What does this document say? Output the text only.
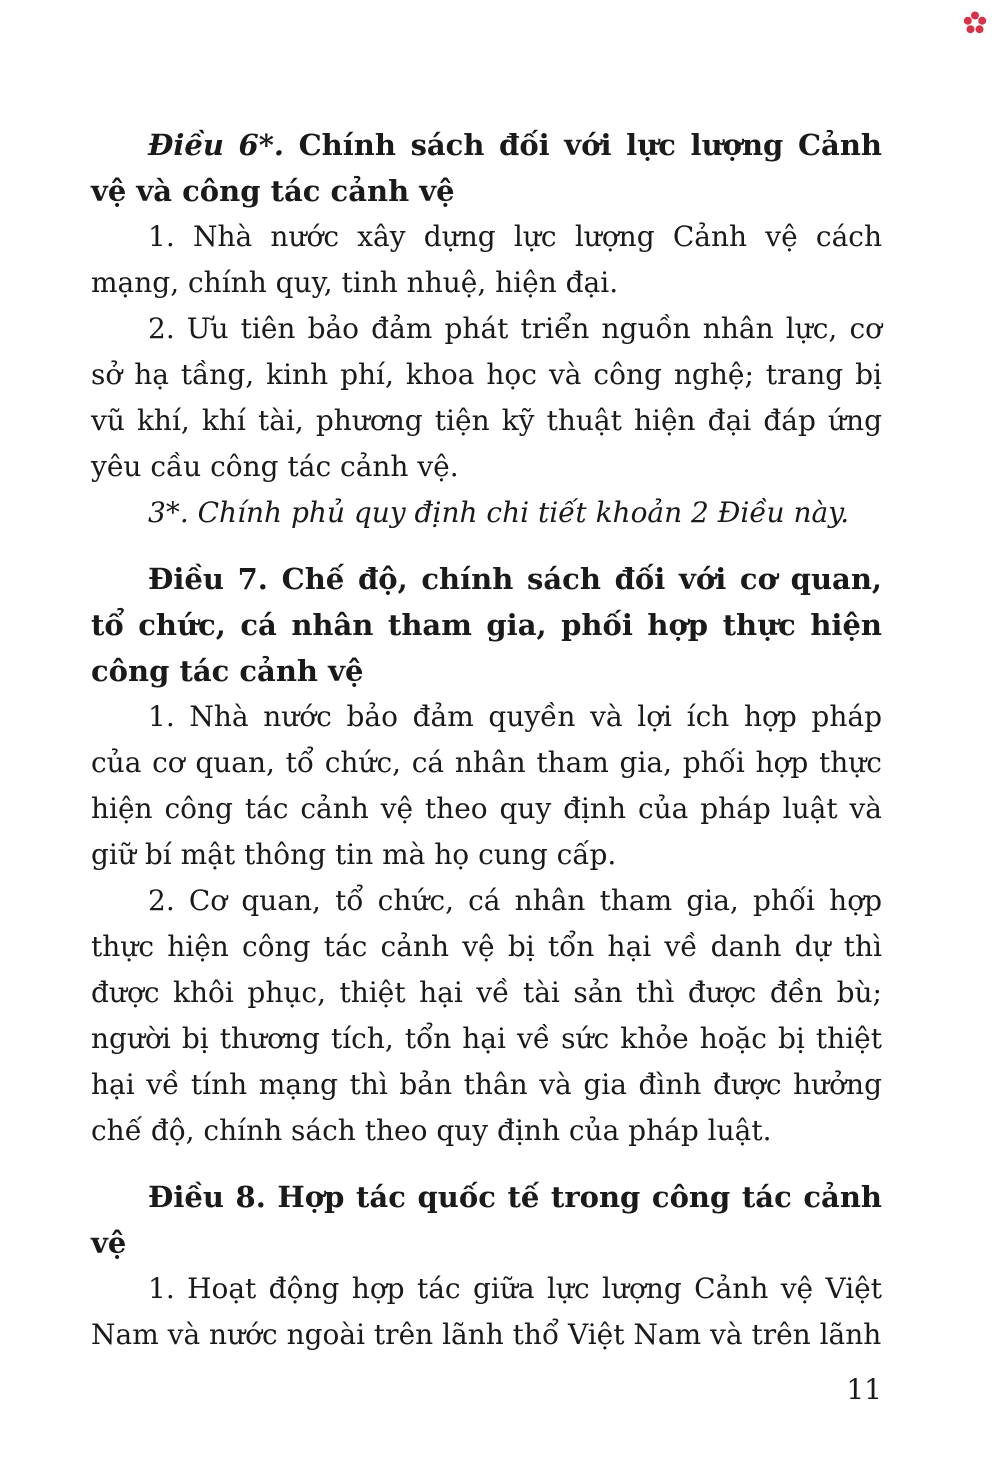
Điều 6*. Chính sách đối với lực lượng Cảnh vệ và công tác cảnh vệ

1. Nhà nước xây dựng lực lượng Cảnh vệ cách mạng, chính quy, tinh nhuệ, hiện đại.

2. Ưu tiên bảo đảm phát triển nguồn nhân lực, cơ sở hạ tầng, kinh phí, khoa học và công nghệ; trang bị vũ khí, khí tài, phương tiện kỹ thuật hiện đại đáp ứng yêu cầu công tác cảnh vệ.

3*. Chính phủ quy định chi tiết khoản 2 Điều này.

Điều 7. Chế độ, chính sách đối với cơ quan, tổ chức, cá nhân tham gia, phối hợp thực hiện công tác cảnh vệ

1. Nhà nước bảo đảm quyền và lợi ích hợp pháp của cơ quan, tổ chức, cá nhân tham gia, phối hợp thực hiện công tác cảnh vệ theo quy định của pháp luật và giữ bí mật thông tin mà họ cung cấp.

2. Cơ quan, tổ chức, cá nhân tham gia, phối hợp thực hiện công tác cảnh vệ bị tổn hại về danh dự thì được khôi phục, thiệt hại về tài sản thì được đền bù; người bị thương tích, tổn hại về sức khỏe hoặc bị thiệt hại về tính mạng thì bản thân và gia đình được hưởng chế độ, chính sách theo quy định của pháp luật.

Điều 8. Hợp tác quốc tế trong công tác cảnh vệ

1. Hoạt động hợp tác giữa lực lượng Cảnh vệ Việt Nam và nước ngoài trên lãnh thổ Việt Nam và trên lãnh

11
